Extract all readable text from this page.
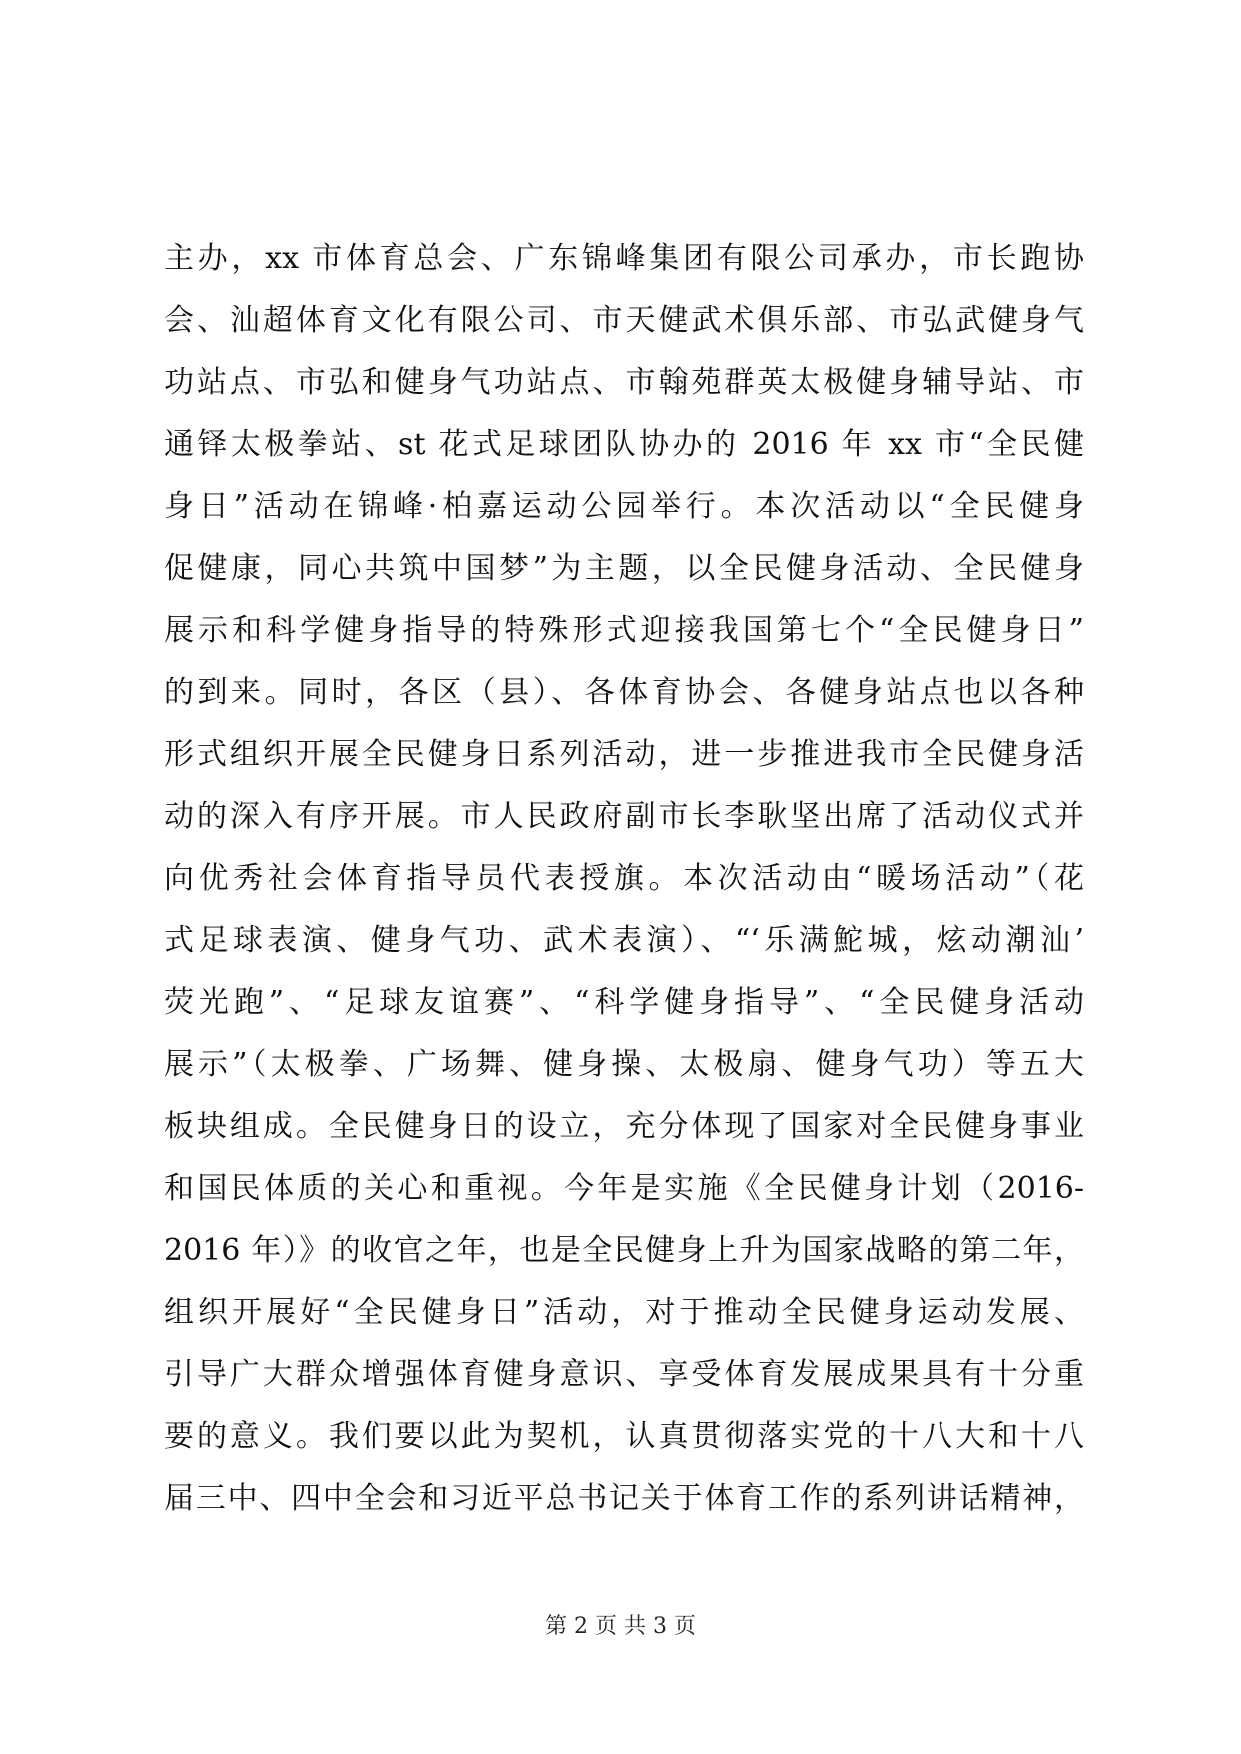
主办，xx 市体育总会、广东锦峰集团有限公司承办，市长跑协
会、汕超体育文化有限公司、市天健武术俱乐部、市弘武健身气
功站点、市弘和健身气功站点、市翰苑群英太极健身辅导站、市
通铎太极拳站、st 花式足球团队协办的 2016 年 xx 市“全民健
身日”活动在锦峰·柏嘉运动公园举行。本次活动以“全民健身
促健康，同心共筑中国梦”为主题，以全民健身活动、全民健身
展示和科学健身指导的特殊形式迎接我国第七个“全民健身日”
的到来。同时，各区（县）、各体育协会、各健身站点也以各种
形式组织开展全民健身日系列活动，进一步推进我市全民健身活
动的深入有序开展。市人民政府副市长李耿坚出席了活动仪式并
向优秀社会体育指导员代表授旗。本次活动由“暖场活动”（花
式足球表演、健身气功、武术表演）、“‘乐满鮀城，炫动潮汕’
荧光跑”、“足球友谊赛”、“科学健身指导”、“全民健身活动
展示”（太极拳、广场舞、健身操、太极扇、健身气功）等五大
板块组成。全民健身日的设立，充分体现了国家对全民健身事业
和国民体质的关心和重视。今年是实施《全民健身计划（2016-
2016 年）》的收官之年，也是全民健身上升为国家战略的第二年，
组织开展好“全民健身日”活动，对于推动全民健身运动发展、
引导广大群众增强体育健身意识、享受体育发展成果具有十分重
要的意义。我们要以此为契机，认真贯彻落实党的十八大和十八
届三中、四中全会和习近平总书记关于体育工作的系列讲话精神，
第 2 页 共 3 页
